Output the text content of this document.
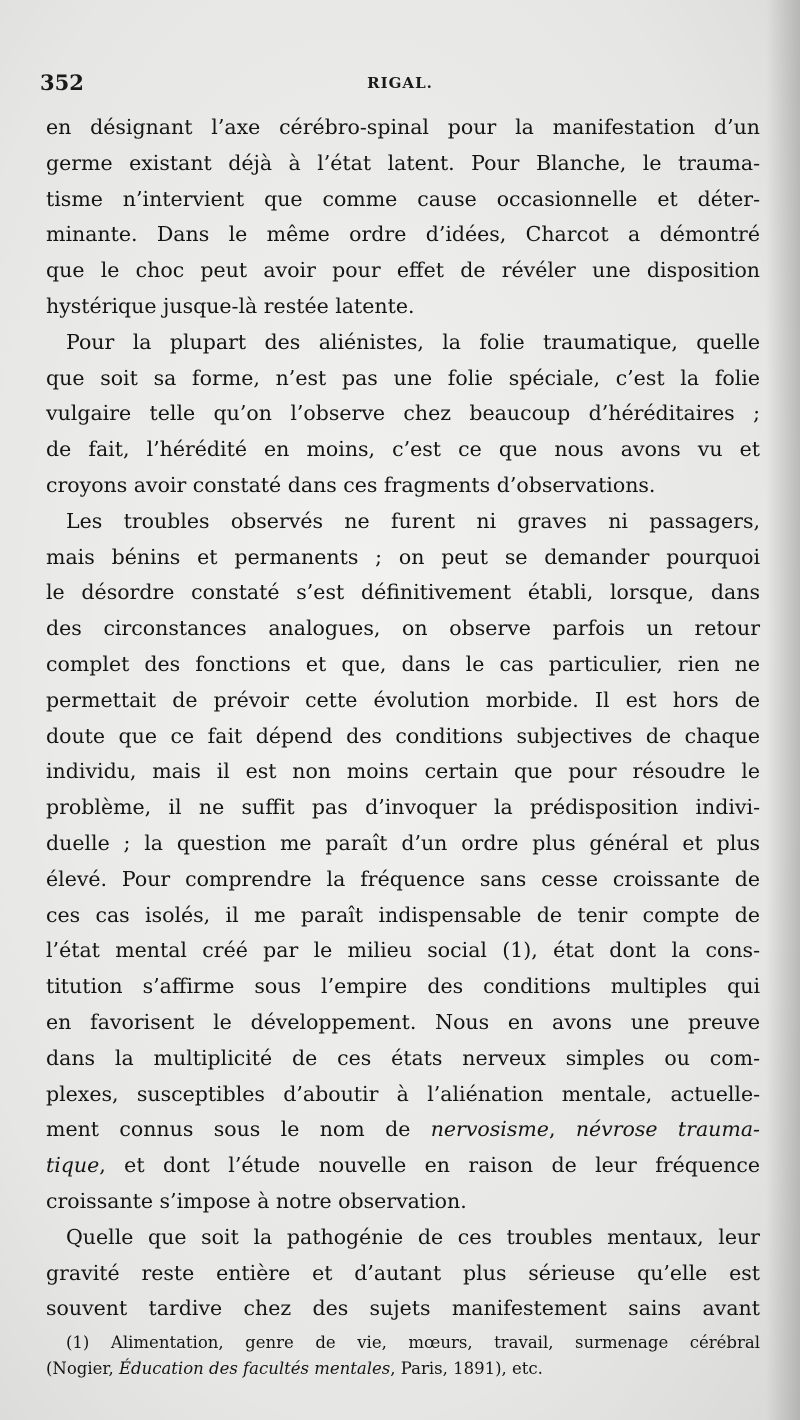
352	RIGAL.

en désignant l’axe cérébro-spinal pour la manifestation d’un

germe existant déjà à l’état latent. Pour Blanche, le trauma-

tisme n’intervient que comme cause occasionnelle et déter-

minante. Dans le même ordre d’idées, Charcot a démontré

que le choc peut avoir pour effet de révéler une disposition

hystérique jusque-là restée latente.

Pour la plupart des aliénistes, la folie traumatique, quelle

que soit sa forme, n’est pas une folie spéciale, c’est la folie

vulgaire telle qu’on l’observe chez beaucoup d’héréditaires ;

de fait, l’hérédité en moins, c’est ce que nous avons vu et

croyons avoir constaté dans ces fragments d’observations.

Les troubles observés ne furent ni graves ni passagers,

mais bénins et permanents ; on peut se demander pourquoi

le désordre constaté s’est définitivement établi, lorsque, dans

des circonstances analogues, on observe parfois un retour

complet des fonctions et que, dans le cas particulier, rien ne

permettait de prévoir cette évolution morbide. Il est hors de

doute que ce fait dépend des conditions subjectives de chaque

individu, mais il est non moins certain que pour résoudre le

problème, il ne suffit pas d’invoquer la prédisposition indivi-

duelle ; la question me paraît d’un ordre plus général et plus

élevé. Pour comprendre la fréquence sans cesse croissante de

ces cas isolés, il me paraît indispensable de tenir compte de

l’état mental créé par le milieu social (1), état dont la cons-

titution s’affirme sous l’empire des conditions multiples qui

en favorisent le développement. Nous en avons une preuve

dans la multiplicité de ces états nerveux simples ou com-

plexes, susceptibles d’aboutir à l’aliénation mentale, actuelle-

ment connus sous le nom de nervosisme, névrose trauma-

tique, et dont l’étude nouvelle en raison de leur fréquence

croissante s’impose à notre observation.

Quelle que soit la pathogénie de ces troubles mentaux, leur

gravité reste entière et d’autant plus sérieuse qu’elle est

souvent tardive chez des sujets manifestement sains avant

(1) Alimentation, genre de vie, mœurs, travail, surmenage cérébral

(Nogier, Éducation des facultés mentales, Paris, 1891), etc.
